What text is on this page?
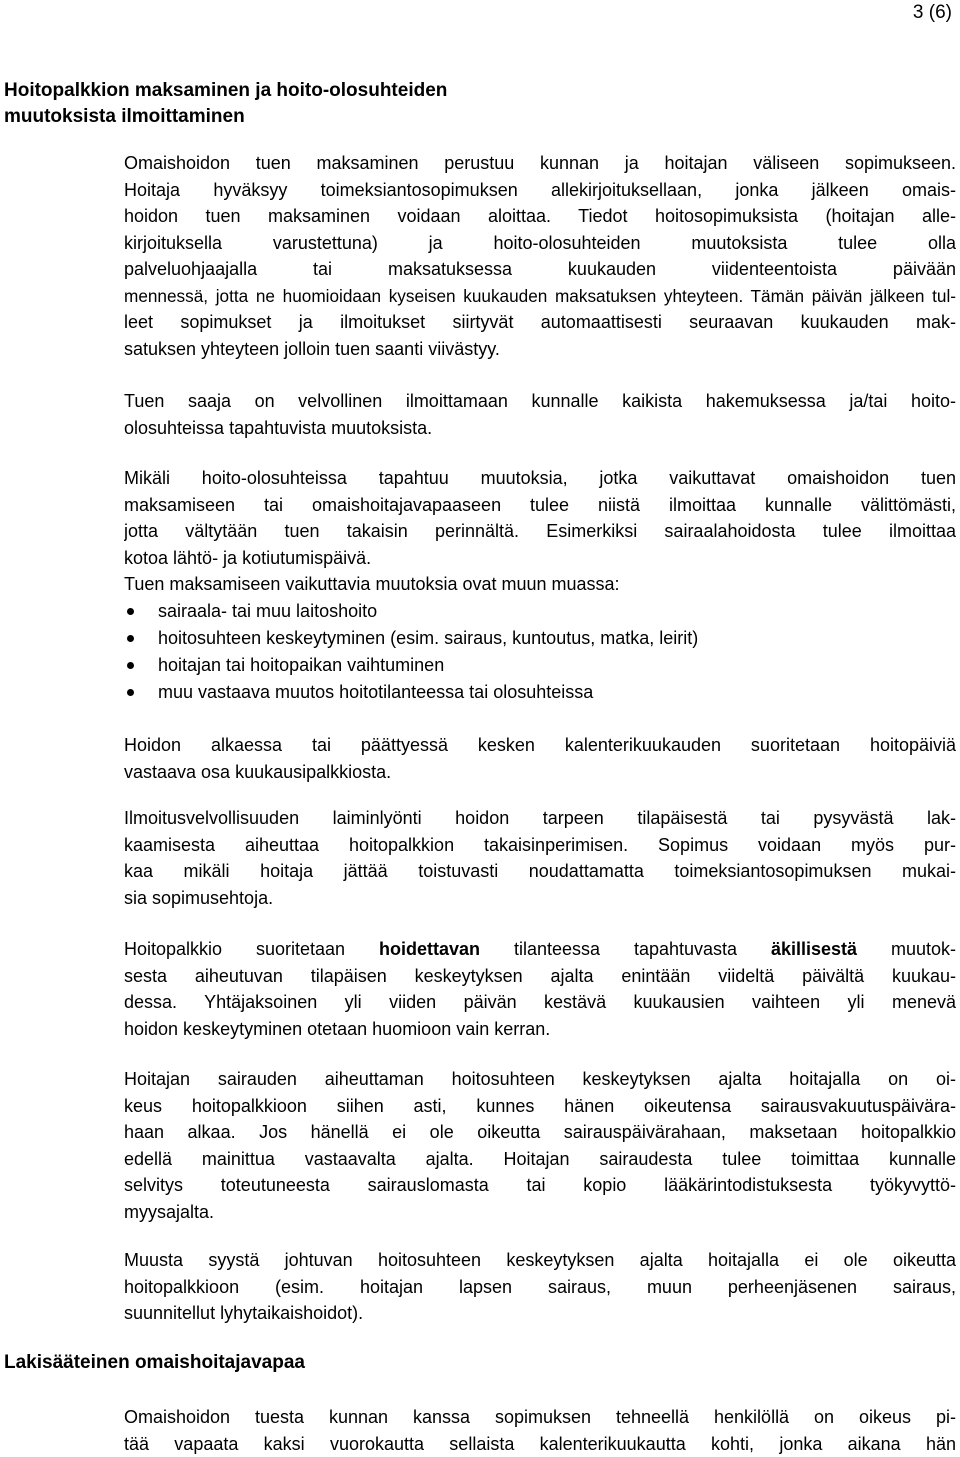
3 (6)
Hoitopalkkion maksaminen ja hoito-olosuhteiden
muutoksista ilmoittaminen
Omaishoidon tuen maksaminen perustuu kunnan ja hoitajan väliseen sopimukseen.
Hoitaja hyväksyy toimeksiantosopimuksen allekirjoituksellaan, jonka jälkeen omais-
hoidon tuen maksaminen voidaan aloittaa. Tiedot hoitosopimuksista (hoitajan alle-
kirjoituksella varustettuna) ja hoito-olosuhteiden muutoksista tulee olla
palveluohjaajalla tai maksatuksessa kuukauden viidenteentoista päivään
mennessä, jotta ne huomioidaan kyseisen kuukauden maksatuksen yhteyteen. Tämän päivän jälkeen tul-
leet sopimukset ja ilmoitukset siirtyvät automaattisesti seuraavan kuukauden mak-
satuksen yhteyteen jolloin tuen saanti viivästyy.
Tuen saaja on velvollinen ilmoittamaan kunnalle kaikista hakemuksessa ja/tai hoito-
olosuhteissa tapahtuvista muutoksista.
Mikäli hoito-olosuhteissa tapahtuu muutoksia, jotka vaikuttavat omaishoidon tuen
maksamiseen tai omaishoitajavapaaseen tulee niistä ilmoittaa kunnalle välittömästi,
jotta vältytään tuen takaisin perinnältä. Esimerkiksi sairaalahoidosta tulee ilmoittaa
kotoa lähtö- ja kotiutumispäivä.
Tuen maksamiseen vaikuttavia muutoksia ovat muun muassa:
sairaala- tai muu laitoshoito
hoitosuhteen keskeytyminen (esim. sairaus, kuntoutus, matka, leirit)
hoitajan tai hoitopaikan vaihtuminen
muu vastaava muutos hoitotilanteessa tai olosuhteissa
Hoidon alkaessa tai päättyessä kesken kalenterikuukauden suoritetaan hoitopäiviä
vastaava osa kuukausipalkkiosta.
Ilmoitusvelvollisuuden laiminlyönti hoidon tarpeen tilapäisestä tai pysyvästä lak-
kaamisesta aiheuttaa hoitopalkkion takaisinperimisen. Sopimus voidaan myös pur-
kaa mikäli hoitaja jättää toistuvasti noudattamatta toimeksiantosopimuksen mukai-
sia sopimusehtoja.
Hoitopalkkio suoritetaan hoidettavan tilanteessa tapahtuvasta äkillisestä muutok-
sesta aiheutuvan tilapäisen keskeytyksen ajalta enintään viideltä päivältä kuukau-
dessa. Yhtäjaksoinen yli viiden päivän kestävä kuukausien vaihteen yli menevä
hoidon keskeytyminen otetaan huomioon vain kerran.
Hoitajan sairauden aiheuttaman hoitosuhteen keskeytyksen ajalta hoitajalla on oi-
keus hoitopalkkioon siihen asti, kunnes hänen oikeutensa sairausvakuutuspäivära-
haan alkaa. Jos hänellä ei ole oikeutta sairauspäivärahaan, maksetaan hoitopalkkio
edellä mainittua vastaavalta ajalta. Hoitajan sairaudesta tulee toimittaa kunnalle
selvitys toteutuneesta sairauslomasta tai kopio lääkärintodistuksesta työkyvyttö-
myysajalta.
Muusta syystä johtuvan hoitosuhteen keskeytyksen ajalta hoitajalla ei ole oikeutta
hoitopalkkioon (esim. hoitajan lapsen sairaus, muun perheenjäsenen sairaus,
suunnitellut lyhytaikaishoidot).
Lakisääteinen omaishoitajavapaa
Omaishoidon tuesta kunnan kanssa sopimuksen tehneellä henkilöllä on oikeus pi-
tää vapaata kaksi vuorokautta sellaista kalenterikuukautta kohti, jonka aikana hän
